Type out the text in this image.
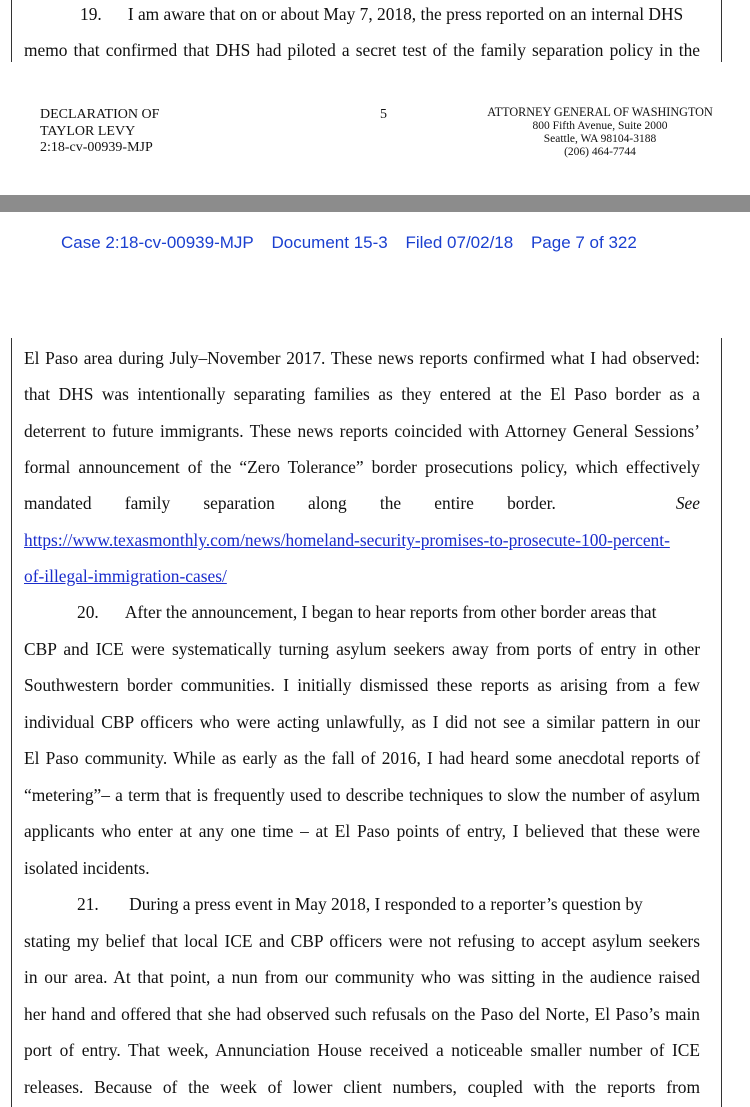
19.      I am aware that on or about May 7, 2018, the press reported on an internal DHS
memo that confirmed that DHS had piloted a secret test of the family separation policy in the
DECLARATION OF
TAYLOR LEVY
2:18-cv-00939-MJP
5	ATTORNEY GENERAL OF WASHINGTON
800 Fifth Avenue, Suite 2000
Seattle, WA 98104-3188
(206) 464-7744
Case 2:18-cv-00939-MJP Document 15-3 Filed 07/02/18 Page 7 of 322
El Paso area during July–November 2017. These news reports confirmed what I had observed:
that DHS was intentionally separating families as they entered at the El Paso border as a
deterrent to future immigrants. These news reports coincided with Attorney General Sessions’
formal announcement of the “Zero Tolerance” border prosecutions policy, which effectively
mandated family separation along the entire border.	See
https://www.texasmonthly.com/news/homeland-security-promises-to-prosecute-100-percent-
of-illegal-immigration-cases/
20.      After the announcement, I began to hear reports from other border areas that
CBP and ICE were systematically turning asylum seekers away from ports of entry in other
Southwestern border communities. I initially dismissed these reports as arising from a few
individual CBP officers who were acting unlawfully, as I did not see a similar pattern in our
El Paso community. While as early as the fall of 2016, I had heard some anecdotal reports of
“metering”– a term that is frequently used to describe techniques to slow the number of asylum
applicants who enter at any one time – at El Paso points of entry, I believed that these were
isolated incidents.
21.       During a press event in May 2018, I responded to a reporter’s question by
stating my belief that local ICE and CBP officers were not refusing to accept asylum seekers
in our area. At that point, a nun from our community who was sitting in the audience raised
her hand and offered that she had observed such refusals on the Paso del Norte, El Paso’s main
port of entry. That week, Annunciation House received a noticeable smaller number of ICE
releases. Because of the week of lower client numbers, coupled with the reports from
